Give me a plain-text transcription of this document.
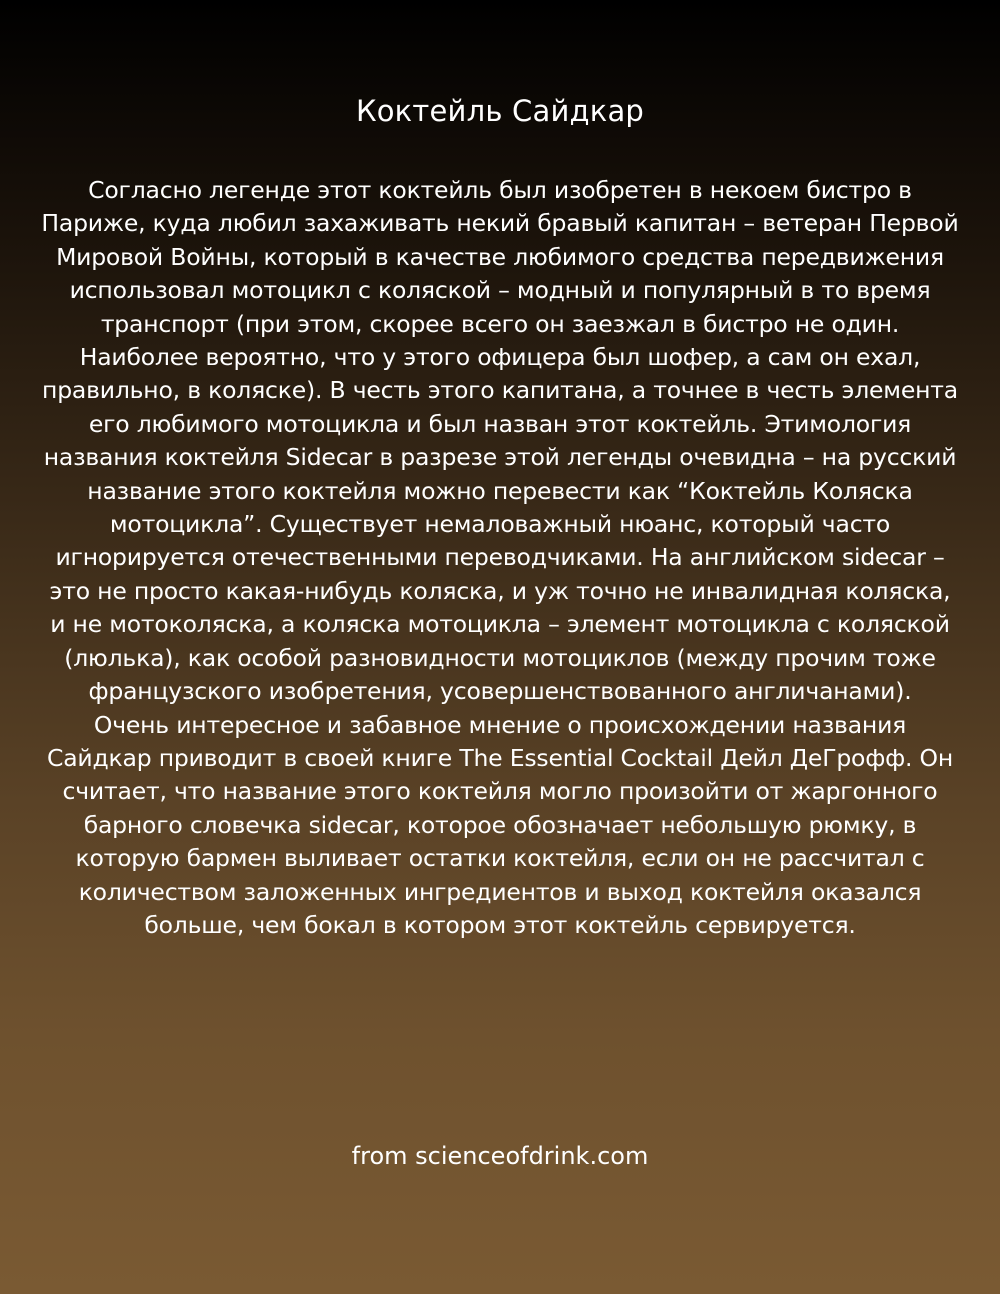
Коктейль Сайдкар

Согласно легенде этот коктейль был изобретен в некоем бистро в Париже, куда любил захаживать некий бравый капитан – ветеран Первой Мировой Войны, который в качестве любимого средства передвижения использовал мотоцикл с коляской – модный и популярный в то время транспорт (при этом, скорее всего он заезжал в бистро не один. Наиболее вероятно, что у этого офицера был шофер, а сам он ехал, правильно, в коляске). В честь этого капитана, а точнее в честь элемента его любимого мотоцикла и был назван этот коктейль. Этимология названия коктейля Sidecar в разрезе этой легенды очевидна – на русский название этого коктейля можно перевести как “Коктейль Коляска мотоцикла”. Существует немаловажный нюанс, который часто игнорируется отечественными переводчиками. На английском sidecar – это не просто какая-нибудь коляска, и уж точно не инвалидная коляска, и не мотоколяска, а коляска мотоцикла – элемент мотоцикла с коляской (люлька), как особой разновидности мотоциклов (между прочим тоже французского изобретения, усовершенствованного англичанами).

Очень интересное и забавное мнение о происхождении названия Сайдкар приводит в своей книге The Essential Cocktail Дейл ДеГрофф. Он считает, что название этого коктейля могло произойти от жаргонного барного словечка sidecar, которое обозначает небольшую рюмку, в которую бармен выливает остатки коктейля, если он не рассчитал с количеством заложенных ингредиентов и выход коктейля оказался больше, чем бокал в котором этот коктейль сервируется.

from scienceofdrink.com
